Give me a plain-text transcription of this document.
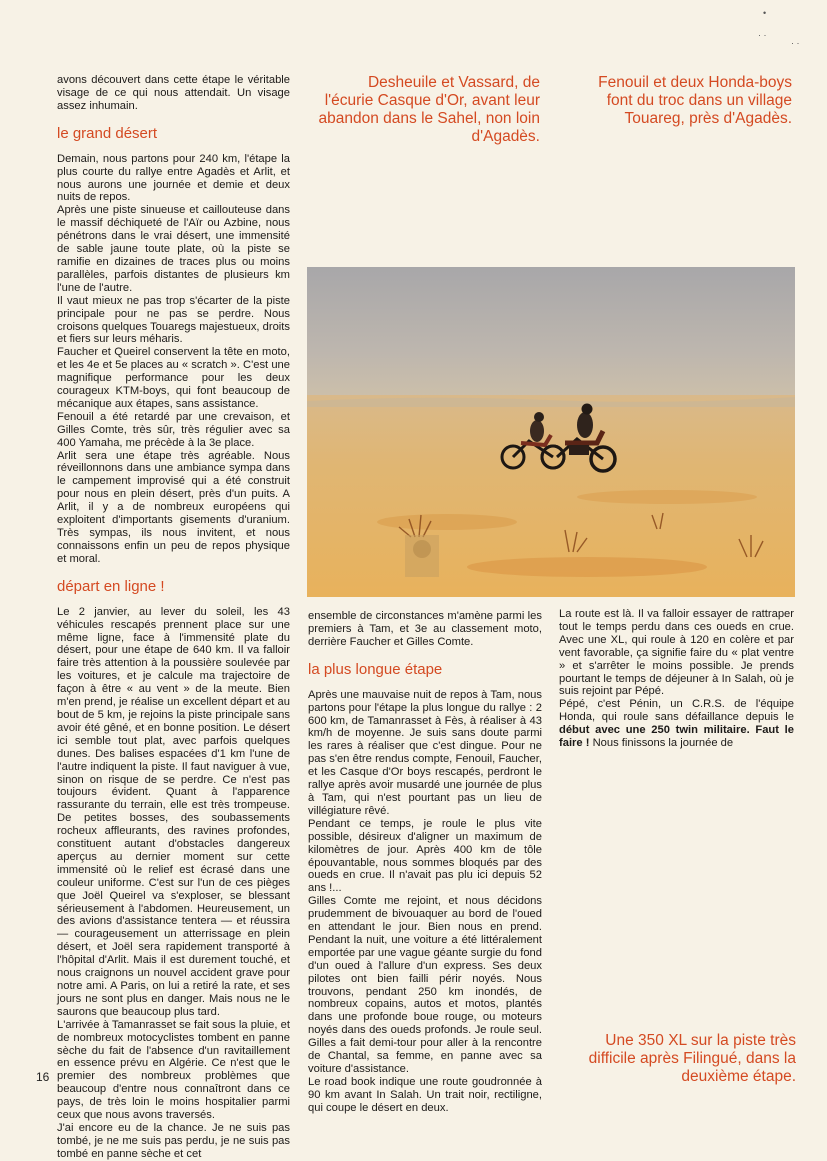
•
· ·
· ·

avons découvert dans cette étape le véritable visage de ce qui nous attendait. Un visage assez inhumain.

le grand désert

Demain, nous partons pour 240 km, l'étape la plus courte du rallye entre Agadès et Arlit, et nous aurons une journée et demie et deux nuits de repos.

Après une piste sinueuse et caillouteuse dans le massif déchiqueté de l'Aïr ou Azbine, nous pénétrons dans le vrai désert, une immensité de sable jaune toute plate, où la piste se ramifie en dizaines de traces plus ou moins parallèles, parfois distantes de plusieurs km l'une de l'autre.

Il vaut mieux ne pas trop s'écarter de la piste principale pour ne pas se perdre. Nous croisons quelques Touaregs majestueux, droits et fiers sur leurs méharis.

Faucher et Queirel conservent la tête en moto, et les 4e et 5e places au « scratch ». C'est une magnifique performance pour les deux courageux KTM-boys, qui font beaucoup de mécanique aux étapes, sans assistance.

Fenouil a été retardé par une crevaison, et Gilles Comte, très sûr, très régulier avec sa 400 Yamaha, me précède à la 3e place.

Arlit sera une étape très agréable. Nous réveillonnons dans une ambiance sympa dans le campement improvisé qui a été construit pour nous en plein désert, près d'un puits. A Arlit, il y a de nombreux européens qui exploitent d'importants gisements d'uranium. Très sympas, ils nous invitent, et nous connaissons enfin un peu de repos physique et moral.

départ en ligne !

Le 2 janvier, au lever du soleil, les 43 véhicules rescapés prennent place sur une même ligne, face à l'immensité plate du désert, pour une étape de 640 km. Il va falloir faire très attention à la poussière soulevée par les voitures, et je calcule ma trajectoire de façon à être « au vent » de la meute. Bien m'en prend, je réalise un excellent départ et au bout de 5 km, je rejoins la piste principale sans avoir été gêné, et en bonne position. Le désert ici semble tout plat, avec parfois quelques dunes. Des balises espacées d'1 km l'une de l'autre indiquent la piste. Il faut naviguer à vue, sinon on risque de se perdre. Ce n'est pas toujours évident. Quant à l'apparence rassurante du terrain, elle est très trompeuse. De petites bosses, des soubassements rocheux affleurants, des ravines profondes, constituent autant d'obstacles dangereux aperçus au dernier moment sur cette immensité où le relief est écrasé dans une couleur uniforme. C'est sur l'un de ces pièges que Joël Queirel va s'exploser, se blessant sérieusement à l'abdomen. Heureusement, un des avions d'assistance tentera — et réussira — courageusement un atterrissage en plein désert, et Joël sera rapidement transporté à l'hôpital d'Arlit. Mais il est durement touché, et nous craignons un nouvel accident grave pour notre ami. A Paris, on lui a retiré la rate, et ses jours ne sont plus en danger. Mais nous ne le saurons que beaucoup plus tard.

L'arrivée à Tamanrasset se fait sous la pluie, et de nombreux motocyclistes tombent en panne sèche du fait de l'absence d'un ravitaillement en essence prévu en Algérie. Ce n'est que le premier des nombreux problèmes que beaucoup d'entre nous connaîtront dans ce pays, de très loin le moins hospitalier parmi ceux que nous avons traversés.

J'ai encore eu de la chance. Je ne suis pas tombé, je ne me suis pas perdu, je ne suis pas tombé en panne sèche et cet

Desheuile et Vassard, de l'écurie Casque d'Or, avant leur abandon dans le Sahel, non loin d'Agadès.
Fenouil et deux Honda-boys font du troc dans un village Touareg, près d'Agadès.

ensemble de circonstances m'amène parmi les premiers à Tam, et 3e au classement moto, derrière Faucher et Gilles Comte.

la plus longue étape

Après une mauvaise nuit de repos à Tam, nous partons pour l'étape la plus longue du rallye : 2 600 km, de Tamanrasset à Fès, à réaliser à 43 km/h de moyenne. Je suis sans doute parmi les rares à réaliser que c'est dingue. Pour ne pas s'en être rendus compte, Fenouil, Faucher, et les Casque d'Or boys rescapés, perdront le rallye après avoir musardé une journée de plus à Tam, qui n'est pourtant pas un lieu de villégiature rêvé.

Pendant ce temps, je roule le plus vite possible, désireux d'aligner un maximum de kilomètres de jour. Après 400 km de tôle épouvantable, nous sommes bloqués par des oueds en crue. Il n'avait pas plu ici depuis 52 ans !...

Gilles Comte me rejoint, et nous décidons prudemment de bivouaquer au bord de l'oued en attendant le jour. Bien nous en prend. Pendant la nuit, une voiture a été littéralement emportée par une vague géante surgie du fond d'un oued à l'allure d'un express. Ses deux pilotes ont bien failli périr noyés. Nous trouvons, pendant 250 km inondés, de nombreux copains, autos et motos, plantés dans une profonde boue rouge, ou moteurs noyés dans des oueds profonds. Je roule seul. Gilles a fait demi-tour pour aller à la rencontre de Chantal, sa femme, en panne avec sa voiture d'assistance.

Le road book indique une route goudronnée à 90 km avant In Salah. Un trait noir, rectiligne, qui coupe le désert en deux.

La route est là. Il va falloir essayer de rattraper tout le temps perdu dans ces oueds en crue. Avec une XL, qui roule à 120 en colère et par vent favorable, ça signifie faire du « plat ventre » et s'arrêter le moins possible. Je prends pourtant le temps de déjeuner à In Salah, où je suis rejoint par Pépé.

Pépé, c'est Pénin, un C.R.S. de l'équipe Honda, qui roule sans défaillance depuis le début avec une 250 twin militaire. Faut le faire ! Nous finissons la journée de

Une 350 XL sur la piste très difficile après Filingué, dans la deuxième étape.
16
